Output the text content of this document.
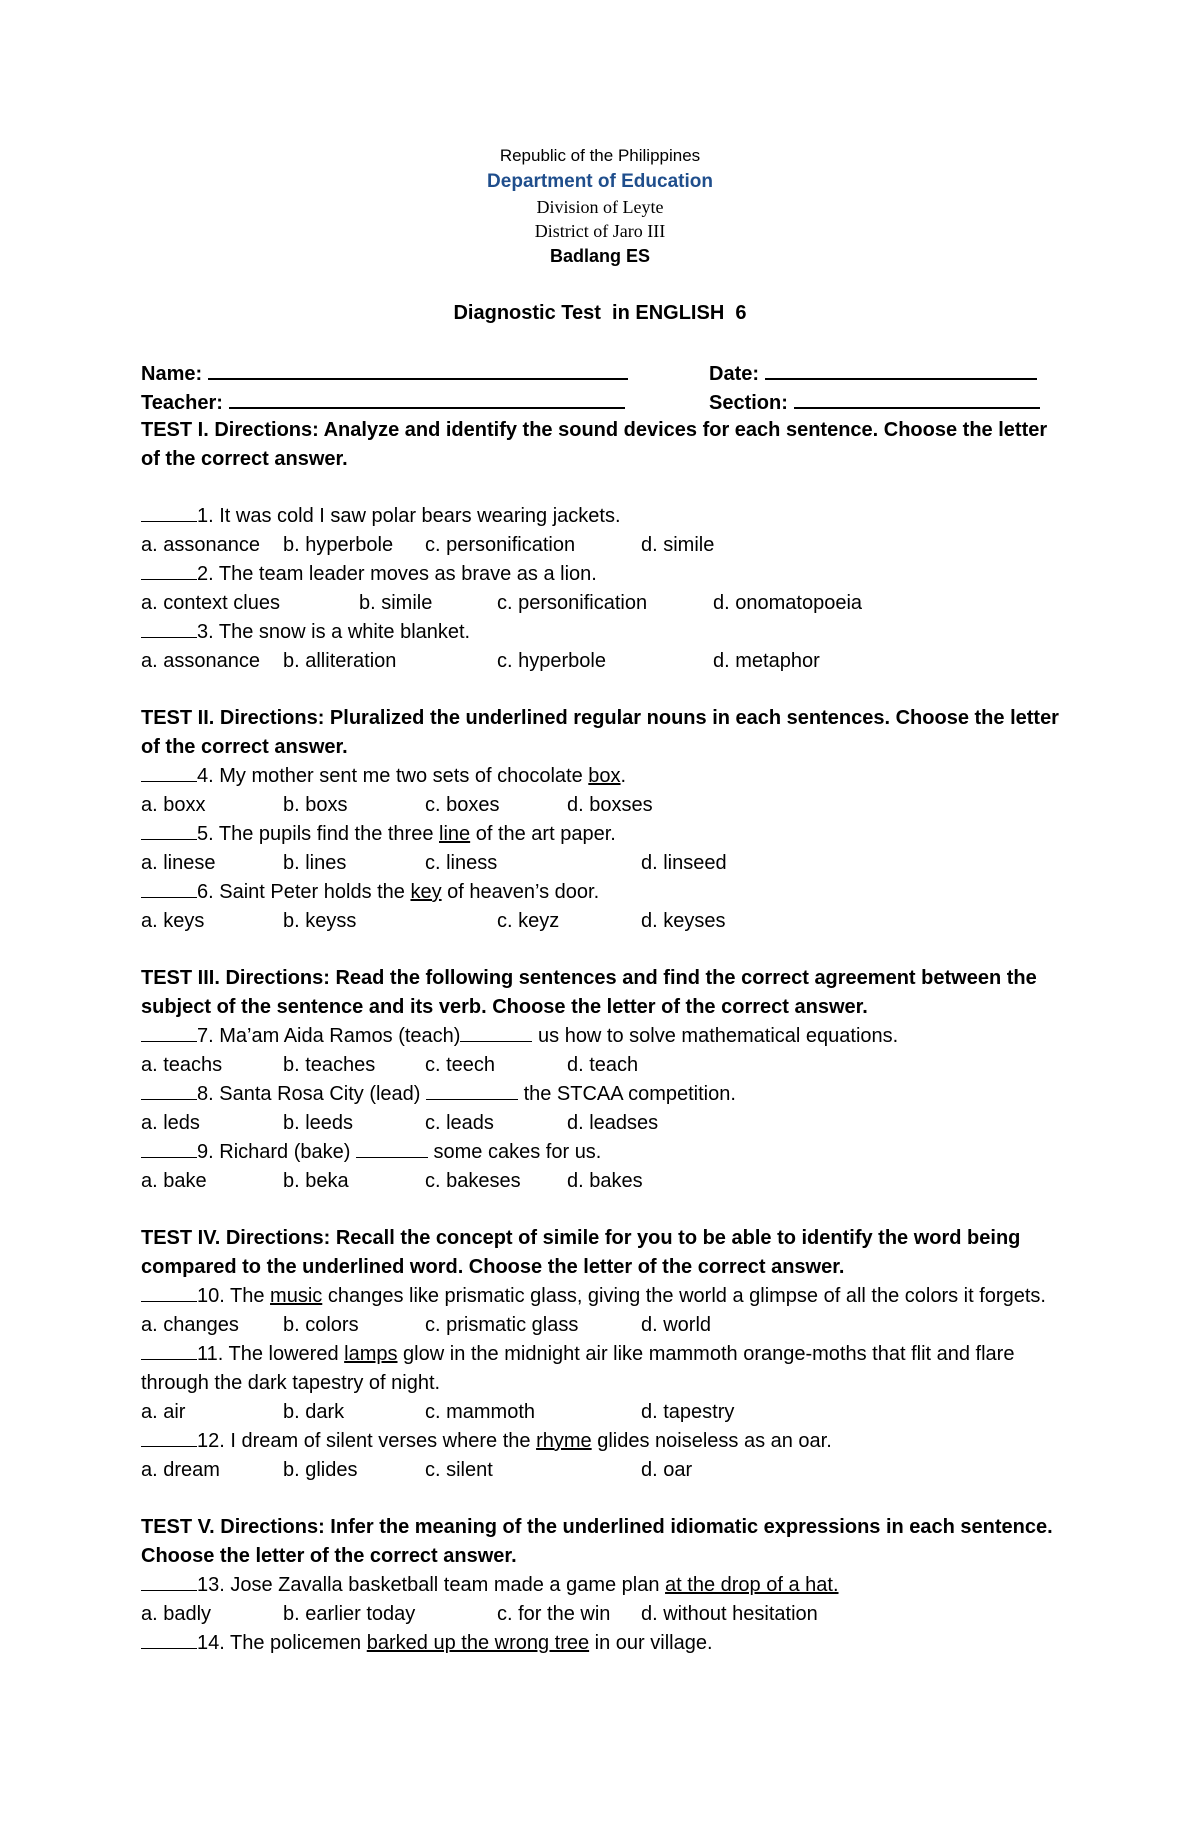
Republic of the Philippines
Department of Education
Division of Leyte
District of Jaro III
Badlang ES
Diagnostic Test  in ENGLISH  6
Name:	Date:
Teacher:	Section:
TEST I. Directions: Analyze and identify the sound devices for each sentence. Choose the letter of the correct answer.
1. It was cold I saw polar bears wearing jackets.
a. assonance b. hyperbole c. personification	d. simile
2. The team leader moves as brave as a lion.
a. context clues	b. simile	c. personification	d. onomatopoeia
3. The snow is a white blanket.
a. assonance b. alliteration	c. hyperbole	d. metaphor
TEST II. Directions: Pluralized the underlined regular nouns in each sentences. Choose the letter of the correct answer.
4. My mother sent me two sets of chocolate box.
a. boxx	b. boxs	c. boxes	d. boxses
5. The pupils find the three line of the art paper.
a. linese	b. lines	c. liness	d. linseed
6. Saint Peter holds the key of heaven’s door.
a. keys	b. keyss	c. keyz	d. keyses
TEST III. Directions: Read the following sentences and find the correct agreement between the subject of the sentence and its verb. Choose the letter of the correct answer.
7. Ma’am Aida Ramos (teach)	us how to solve mathematical equations.
a. teachs	b. teaches c. teech	d. teach
8. Santa Rosa City (lead)	the STCAA competition.
a. leds	b. leeds	c. leads	d. leadses
9. Richard (bake)	some cakes for us.
a. bake	b. beka	c. bakeses d. bakes
TEST IV. Directions: Recall the concept of simile for you to be able to identify the word being compared to the underlined word. Choose the letter of the correct answer.
10. The music changes like prismatic glass, giving the world a glimpse of all the colors it forgets.
a. changes b. colors	c. prismatic glass	d. world
11. The lowered lamps glow in the midnight air like mammoth orange-moths that flit and flare through the dark tapestry of night.
a. air	b. dark	c. mammoth	d. tapestry
12. I dream of silent verses where the rhyme glides noiseless as an oar.
a. dream	b. glides	c. silent	d. oar
TEST V. Directions: Infer the meaning of the underlined idiomatic expressions in each sentence. Choose the letter of the correct answer.
13. Jose Zavalla basketball team made a game plan at the drop of a hat.
a. badly	b. earlier today	c. for the win d. without hesitation
14. The policemen barked up the wrong tree in our village.
